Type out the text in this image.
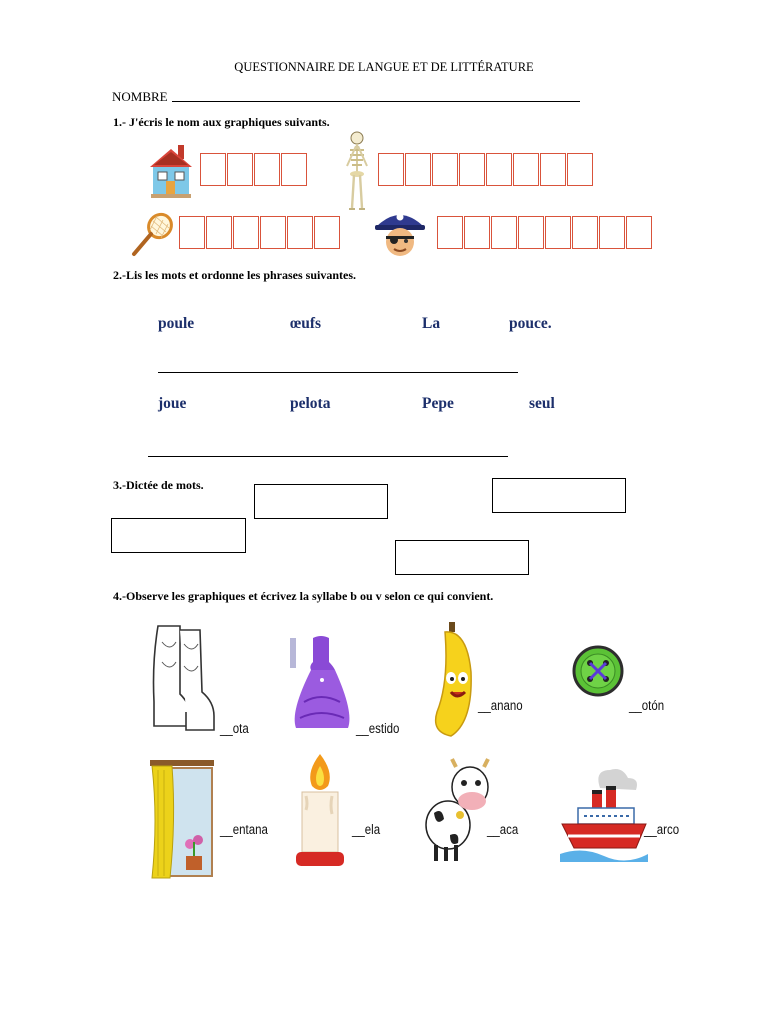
QUESTIONNAIRE DE LANGUE ET DE LITTÉRATURE
NOMBRE
1.- J'écris le nom aux graphiques suivants.
2.-Lis les mots et ordonne les phrases suivantes.
poule	œufs	La	pouce.
joue	pelota	Pepe	seul
3.-Dictée de mots.
4.-Observe les graphiques et écrivez la syllabe b ou v selon ce qui convient.
__ota	__estido
__anano	__otón
__entana	__ela	__aca	__arco
